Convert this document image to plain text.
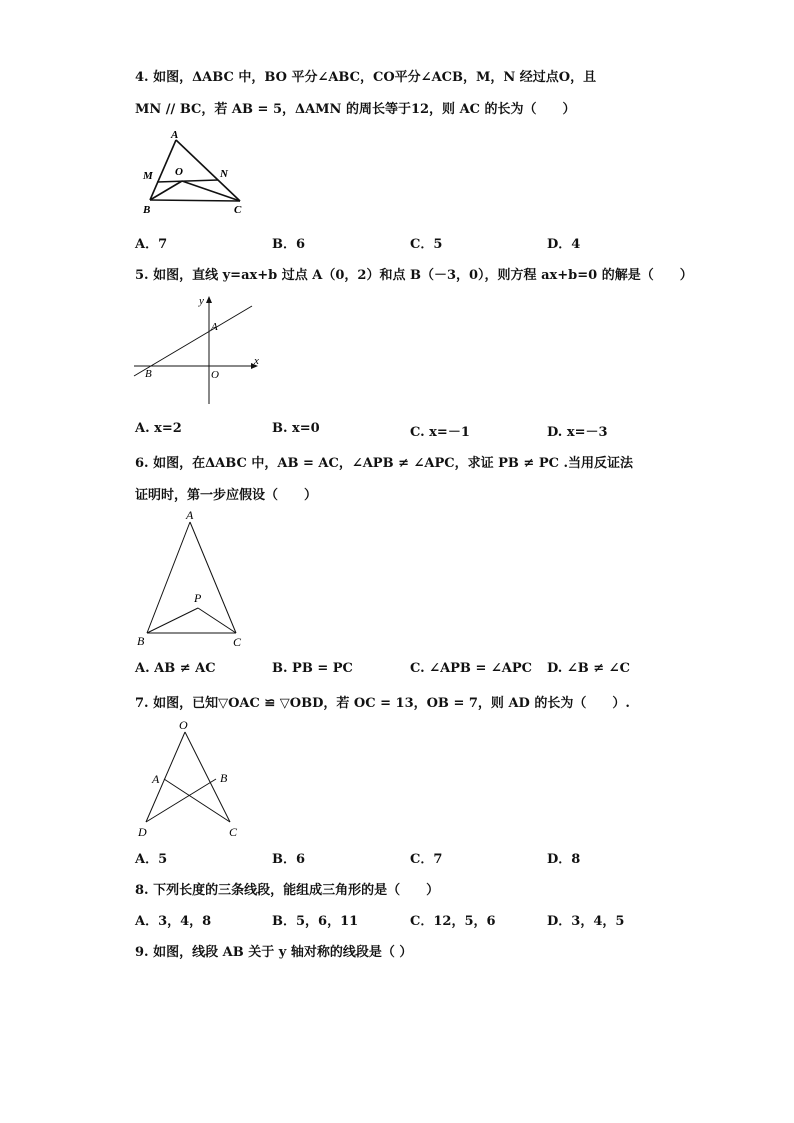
4. 如图，ΔABC 中，BO 平分∠ABC，CO平分∠ACB，M，N 经过点O，且
MN // BC，若 AB = 5，ΔAMN 的周长等于12，则 AC 的长为（　　）
A
M O	N
B	C
A．7	B．6	C．5	D．4
5. 如图，直线 y=ax+b 过点 A（0，2）和点 B（－3，0），则方程 ax+b=0 的解是（　　）
y
x
A
B	O
A. x=2	B. x=0	C. x=－1	D. x=－3
6. 如图，在ΔABC 中，AB = AC，∠APB ≠ ∠APC，求证 PB ≠ PC .当用反证法
证明时，第一步应假设（　　）
A
P
B	C
A. AB ≠ AC	B. PB = PC	C. ∠APB = ∠APC D. ∠B ≠ ∠C
7. 如图，已知▽OAC ≌ ▽OBD，若 OC = 13，OB = 7，则 AD 的长为（　　）.
O
A	B
D	C
A．5	B．6	C．7	D．8
8. 下列长度的三条线段，能组成三角形的是（　　）
A．3，4，8	B．5，6，11	C．12，5，6	D．3，4，5
9. 如图，线段 AB 关于 y 轴对称的线段是（ ）
